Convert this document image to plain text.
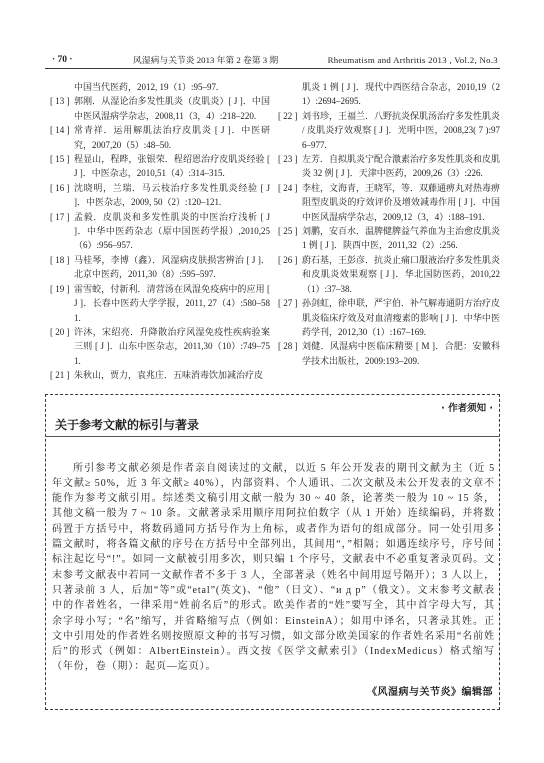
· 70 ·	风湿病与关节炎 2013 年第 2 卷第 3 期	Rheumatism and Arthritis 2013 , Vol.2, No.3
中国当代医药，2012, 19（1）:95–97.
[ 13 ] 郭刚．从湿论治多发性肌炎（皮肌炎）[ J ]．中国中医风湿病学杂志，2008,11（3，4）:218–220.
[ 14 ] 常青祥．运用解肌法治疗皮肌炎 [ J ]．中医研究，2007,20（5）:48–50.
[ 15 ] 程显山，程晔，张银荣．程绍恩治疗皮肌炎经验 [ J ]．中医杂志，2010,51（4）:314–315.
[ 16 ] 沈晓明，兰瑞．马云枝治疗多发性肌炎经验 [ J ]．中医杂志，2009, 50（2）:120–121.
[ 17 ] 孟毅．皮肌炎和多发性肌炎的中医治疗浅析 [ J ]．中华中医药杂志（原中国医药学报）,2010,25（6）:956–957.
[ 18 ] 马桂琴，李博（鑫）．风湿病皮肤损害辨治 [ J ]．北京中医药，2011,30（8）:595–597.
[ 19 ] 雷雪蛟，付新利．清营汤在风湿免疫病中的应用 [ J ]．长春中医药大学学报，2011, 27（4）:580–581.
[ 20 ] 许沐，宋绍亮．升降散治疗风湿免疫性疾病验案三则 [ J ]．山东中医杂志，2011,30（10）:749–751.
[ 21 ] 朱秋山，贾力，袁兆庄．五味消毒饮加减治疗皮
肌炎 1 例 [ J ]．现代中西医结合杂志，2010,19（21）:2694–2695.
[ 22 ] 刘书珍，王福兰．八野抗炎保肌汤治疗多发性肌炎 / 皮肌炎疗效观察 [ J ]．光明中医，2008,23( 7 ):976–977.
[ 23 ] 左芳．自拟肌炎宁配合激素治疗多发性肌炎和皮肌炎 32 例 [ J ]．天津中医药，2009,26（3）:226.
[ 24 ] 李柱，文海青，王晓军，等．双藤通痹丸对热毒痹阻型皮肌炎的疗效评价及增效减毒作用 [ J ]．中国中医风湿病学杂志，2009,12（3，4）:188–191.
[ 25 ] 刘鹏，安百水．温脾健脾益气养血为主治愈皮肌炎 1 例 [ J ]．陕西中医，2011,32（2）:256.
[ 26 ] 蔚石基，王彭彦．抗炎止痛口服液治疗多发性肌炎和皮肌炎效果观察 [ J ]．华北国防医药，2010,22（1）:37–38.
[ 27 ] 孙剑虹，徐申联，严宇伯．补气解毒通阴方治疗皮肌炎临床疗效及对血清瘦素的影响 [ J ]．中华中医药学刊，2012,30（1）:167–169.
[ 28 ] 刘健．风湿病中医临床精要 [ M ]．合肥：安徽科学技术出版社，2009:193–209.
· 作者须知 ·
关于参考文献的标引与著录
所引参考文献必须是作者亲自阅读过的文献，以近 5 年公开发表的期刊文献为主（近 5 年文献≥ 50%，近 3 年文献≥ 40%），内部资料、个人通讯、二次文献及未公开发表的文章不能作为参考文献引用。综述类文稿引用文献一般为 30 ~ 40 条，论著类一般为 10 ~ 15 条，其他文稿一般为 7 ~ 10 条。文献著录采用顺序用阿拉伯数字（从 1 开始）连续编码，并将数码置于方括号中，将数码通同方括号作为上角标，或者作为语句的组成部分。同一处引用多篇文献时，将各篇文献的序号在方括号中全部列出，其间用“，”相隔；如遇连续序号，序号间标注起讫号“!”。如同一文献被引用多次，则只编 1 个序号，文献表中不必重复著录页码。文末参考文献表中若同一文献作者不多于 3 人，全部著录（姓名中间用逗号隔开）；3 人以上，只著录前 3 人，后加“等”或“etal”(英文)、“他”（日文）、“и д р”（俄文）。文末参考文献表中的作者姓名，一律采用“姓前名后”的形式。欧美作者的“姓”要写全，其中首字母大写，其余字母小写；“名”缩写，并省略缩写点（例如：EinsteinA）；如用中译名，只著录其姓。正文中引用处的作者姓名则按照原文种的书写习惯，如文部分欧美国家的作者姓名采用“名前姓后”的形式（例如：AlbertEinstein）。西文按《医学文献索引》（IndexMedicus）格式缩写（年份，卷（期）：起页—迄页）。
《风湿病与关节炎》编辑部
